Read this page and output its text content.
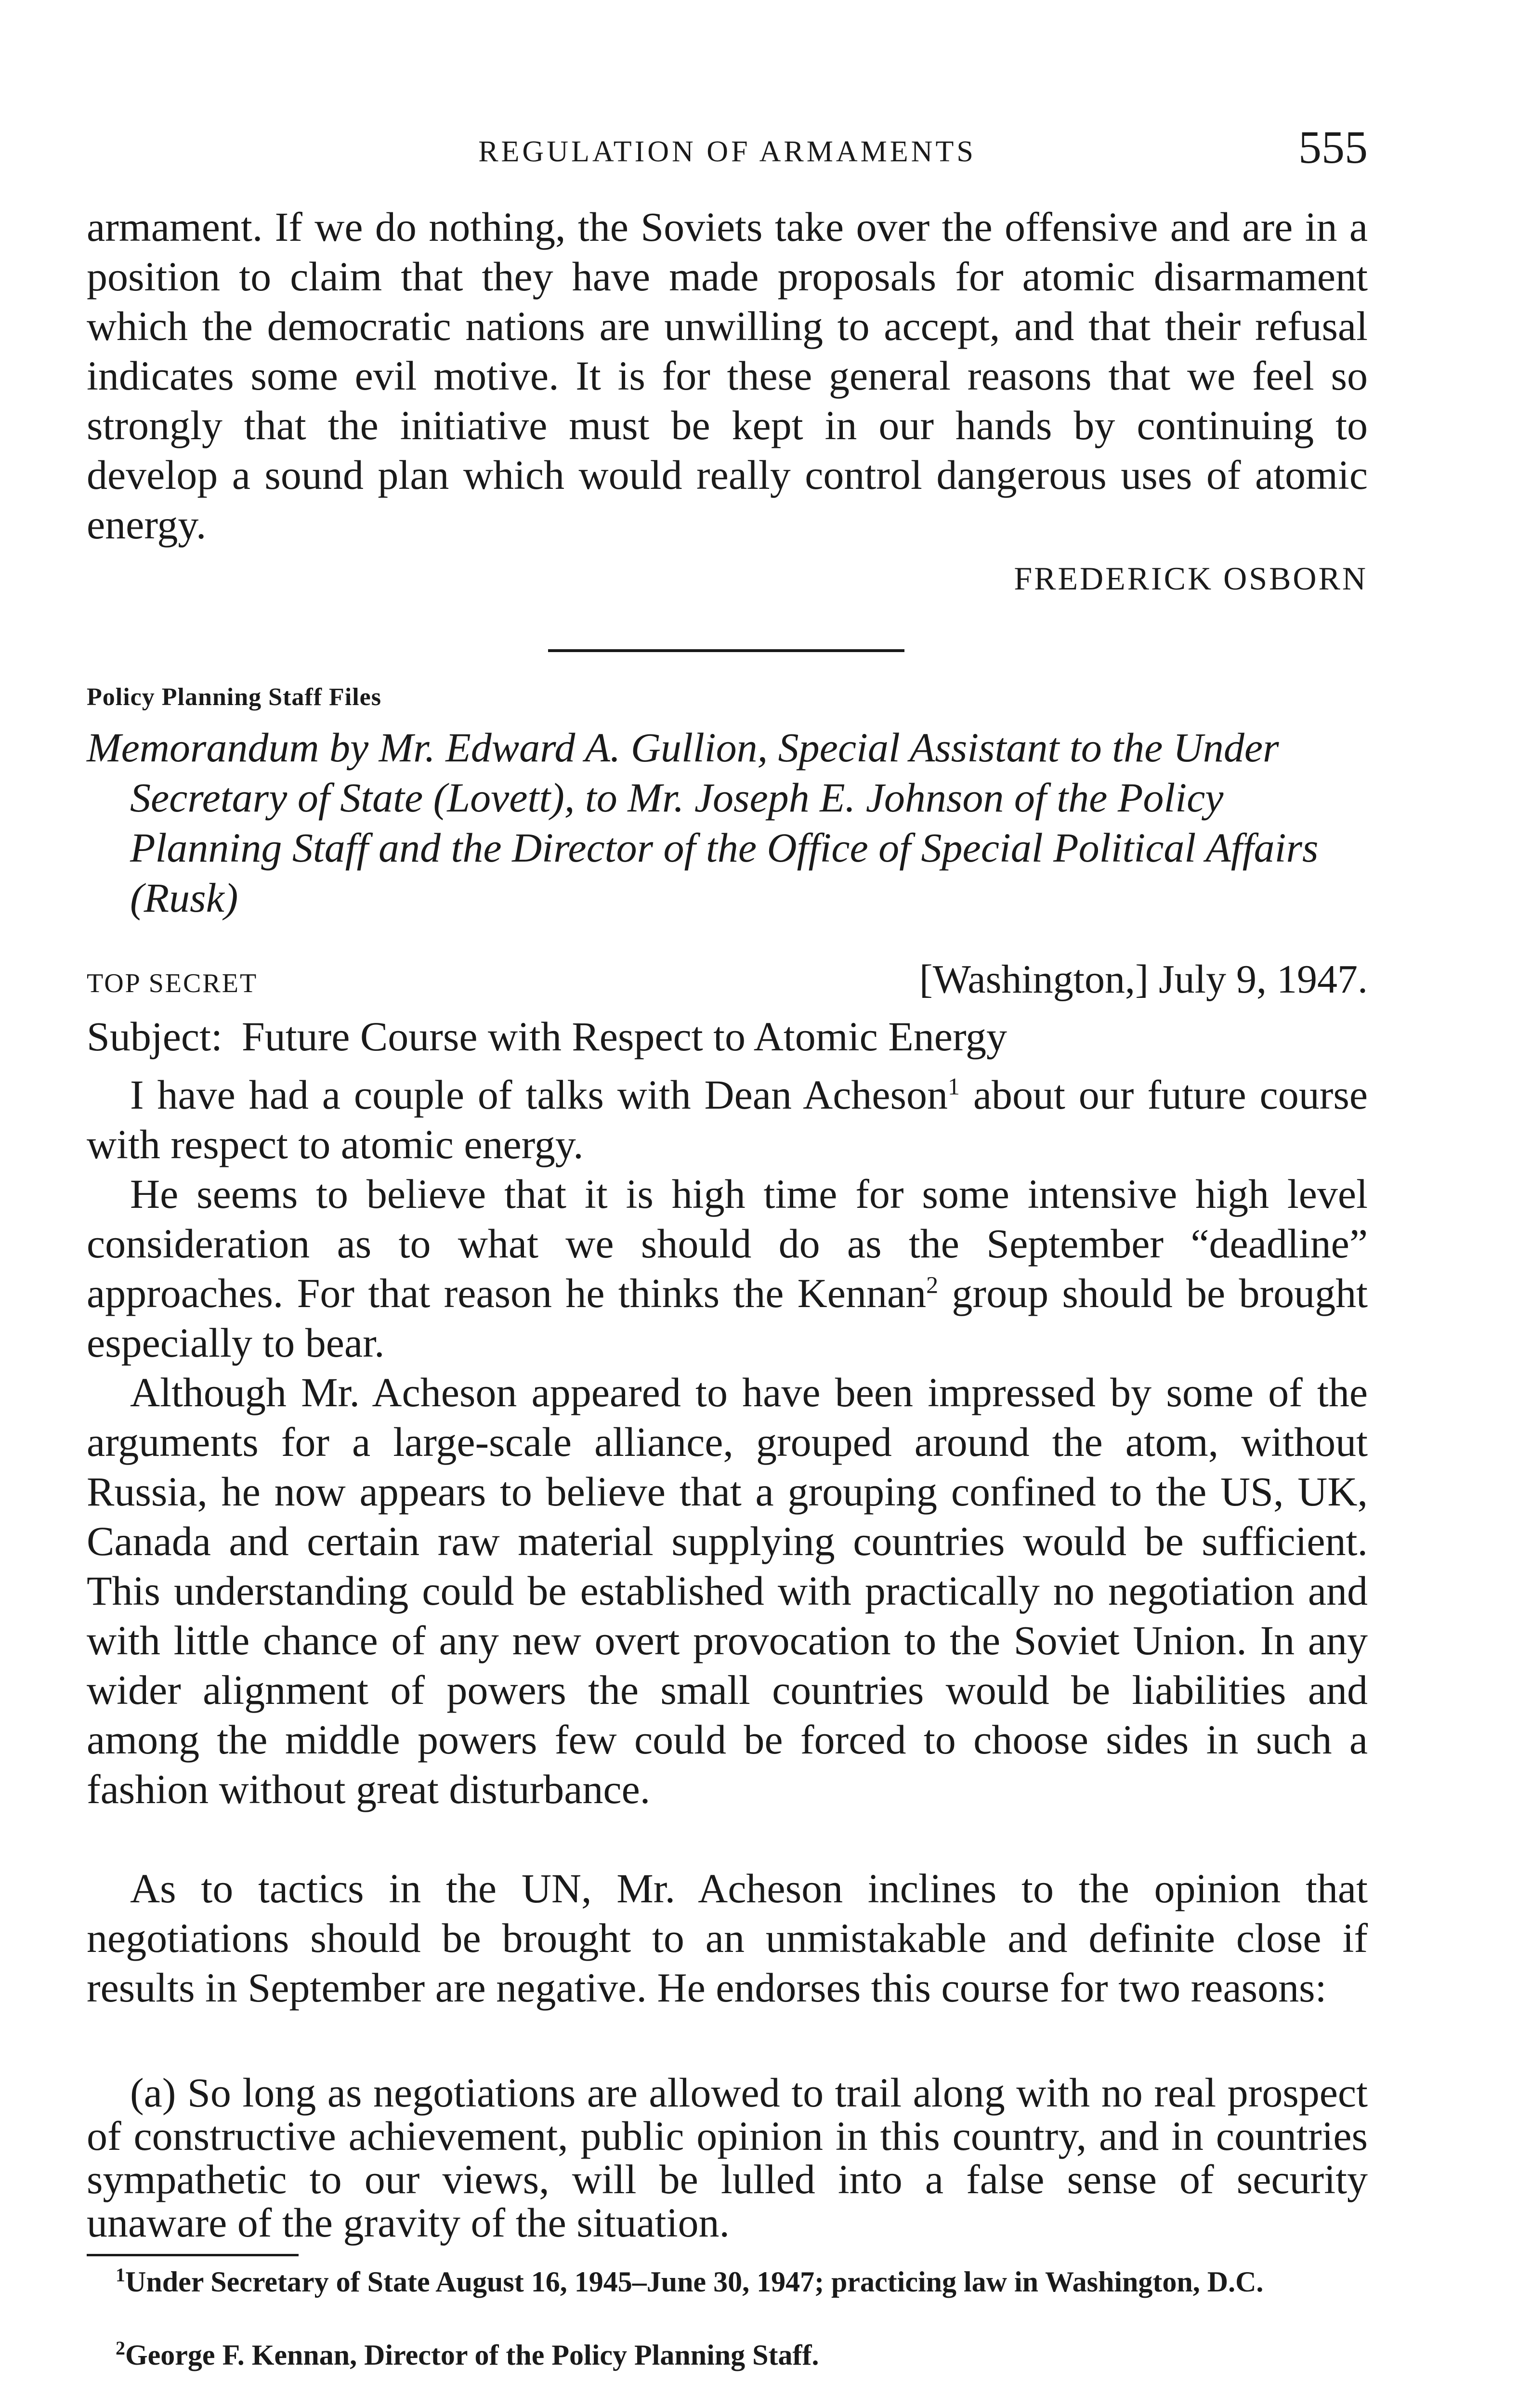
REGULATION OF ARMAMENTS	555
armament. If we do nothing, the Soviets take over the offensive and are in a position to claim that they have made proposals for atomic disarmament which the democratic nations are unwilling to accept, and that their refusal indicates some evil motive. It is for these general reasons that we feel so strongly that the initiative must be kept in our hands by continuing to develop a sound plan which would really control dangerous uses of atomic energy.
FREDERICK OSBORN
Policy Planning Staff Files
Memorandum by Mr. Edward A. Gullion, Special Assistant to the Under Secretary of State (Lovett), to Mr. Joseph E. Johnson of the Policy Planning Staff and the Director of the Office of Special Political Affairs (Rusk)
TOP SECRET	[Washington,] July 9, 1947.
Subject: Future Course with Respect to Atomic Energy
I have had a couple of talks with Dean Acheson$^1$ about our future course with respect to atomic energy.
He seems to believe that it is high time for some intensive high level consideration as to what we should do as the September “deadline” approaches. For that reason he thinks the Kennan$^2$ group should be brought especially to bear.
Although Mr. Acheson appeared to have been impressed by some of the arguments for a large-scale alliance, grouped around the atom, without Russia, he now appears to believe that a grouping confined to the US, UK, Canada and certain raw material supplying countries would be sufficient. This understanding could be established with practically no negotiation and with little chance of any new overt provocation to the Soviet Union. In any wider alignment of powers the small countries would be liabilities and among the middle powers few could be forced to choose sides in such a fashion without great disturbance.
As to tactics in the UN, Mr. Acheson inclines to the opinion that negotiations should be brought to an unmistakable and definite close if results in September are negative. He endorses this course for two reasons:
(a) So long as negotiations are allowed to trail along with no real prospect of constructive achievement, public opinion in this country, and in countries sympathetic to our views, will be lulled into a false sense of security unaware of the gravity of the situation.
$^1$Under Secretary of State August 16, 1945–June 30, 1947; practicing law in Washington, D.C.
$^2$George F. Kennan, Director of the Policy Planning Staff.
